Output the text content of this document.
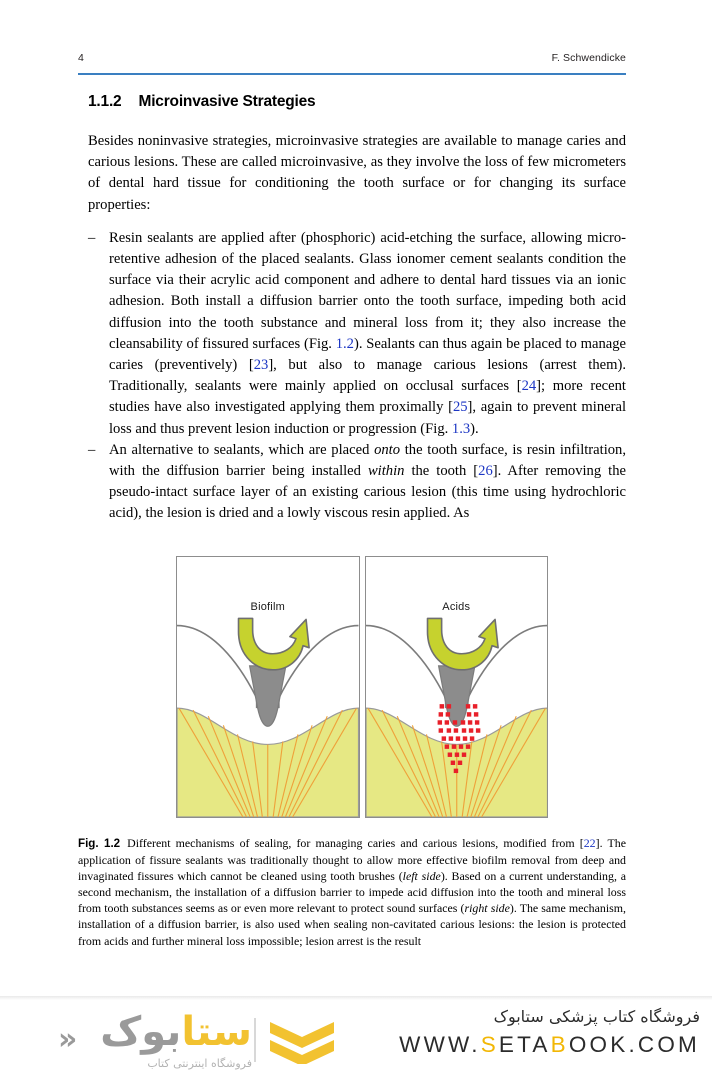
4	F. Schwendicke
1.1.2 Microinvasive Strategies

Besides noninvasive strategies, microinvasive strategies are available to manage caries and carious lesions. These are called microinvasive, as they involve the loss of few micrometers of dental hard tissue for conditioning the tooth surface or for changing its surface properties:

– Resin sealants are applied after (phosphoric) acid-etching the surface, allowing micro-retentive adhesion of the placed sealants. Glass ionomer cement sealants condition the surface via their acrylic acid component and adhere to dental hard tissues via an ionic adhesion. Both install a diffusion barrier onto the tooth surface, impeding both acid diffusion into the tooth substance and mineral loss from it; they also increase the cleansability of fissured surfaces (Fig. 1.2). Sealants can thus again be placed to manage caries (preventively) [23], but also to manage carious lesions (arrest them). Traditionally, sealants were mainly applied on occlusal surfaces [24]; more recent studies have also investigated applying them proximally [25], again to prevent mineral loss and thus prevent lesion induction or progression (Fig. 1.3).
– An alternative to sealants, which are placed onto the tooth surface, is resin infiltration, with the diffusion barrier being installed within the tooth [26]. After removing the pseudo-intact surface layer of an existing carious lesion (this time using hydrochloric acid), the lesion is dried and a lowly viscous resin applied. As
Biofilm	Acids
Fig. 1.2 Different mechanisms of sealing, for managing caries and carious lesions, modified from [22]. The application of fissure sealants was traditionally thought to allow more effective biofilm removal from deep and invaginated fissures which cannot be cleaned using tooth brushes (left side). Based on a current understanding, a second mechanism, the installation of a diffusion barrier to impede acid diffusion into the tooth and mineral loss from tooth substances seems as or even more relevant to protect sound surfaces (right side). The same mechanism, installation of a diffusion barrier, is also used when sealing non-cavitated carious lesions: the lesion is protected from acids and further mineral loss impossible; lesion arrest is the result
ستابوک
«
فروشگاه اینترنتی کتاب
فروشگاه کتاب پزشکی ستابوک
WWW.SETABOOK.COM
